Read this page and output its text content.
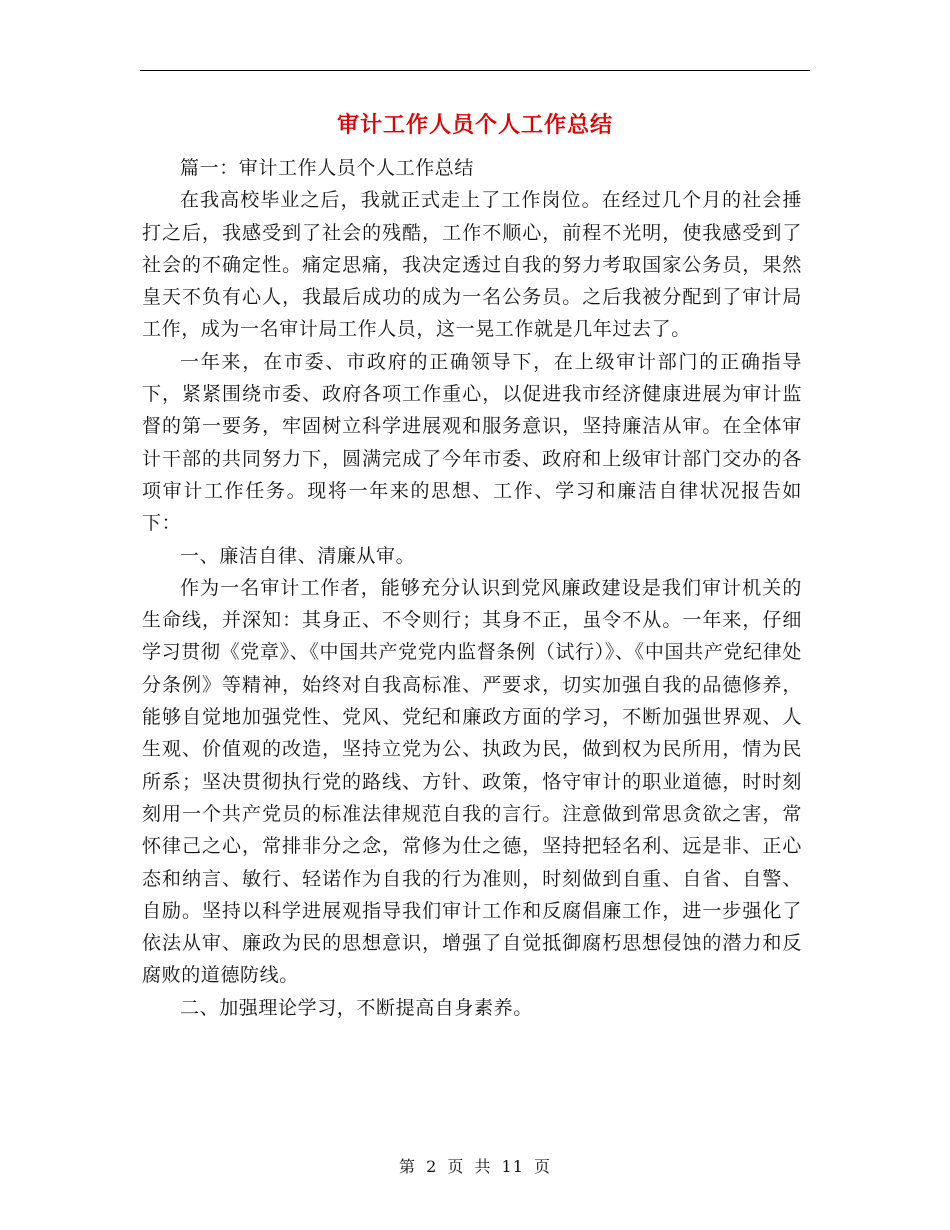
审计工作人员个人工作总结

篇一：审计工作人员个人工作总结

在我高校毕业之后，我就正式走上了工作岗位。在经过几个月的社会捶打之后，我感受到了社会的残酷，工作不顺心，前程不光明，使我感受到了社会的不确定性。痛定思痛，我决定透过自我的努力考取国家公务员，果然皇天不负有心人，我最后成功的成为一名公务员。之后我被分配到了审计局工作，成为一名审计局工作人员，这一晃工作就是几年过去了。

一年来，在市委、市政府的正确领导下，在上级审计部门的正确指导下，紧紧围绕市委、政府各项工作重心，以促进我市经济健康进展为审计监督的第一要务，牢固树立科学进展观和服务意识，坚持廉洁从审。在全体审计干部的共同努力下，圆满完成了今年市委、政府和上级审计部门交办的各项审计工作任务。现将一年来的思想、工作、学习和廉洁自律状况报告如下：

一、廉洁自律、清廉从审。

作为一名审计工作者，能够充分认识到党风廉政建设是我们审计机关的生命线，并深知：其身正、不令则行；其身不正，虽令不从。一年来，仔细学习贯彻《党章》、《中国共产党党内监督条例（试行）》、《中国共产党纪律处分条例》等精神，始终对自我高标准、严要求，切实加强自我的品德修养，能够自觉地加强党性、党风、党纪和廉政方面的学习，不断加强世界观、人生观、价值观的改造，坚持立党为公、执政为民，做到权为民所用，情为民所系；坚决贯彻执行党的路线、方针、政策，恪守审计的职业道德，时时刻刻用一个共产党员的标准法律规范自我的言行。注意做到常思贪欲之害，常怀律己之心，常排非分之念，常修为仕之德，坚持把轻名利、远是非、正心态和纳言、敏行、轻诺作为自我的行为准则，时刻做到自重、自省、自警、自励。坚持以科学进展观指导我们审计工作和反腐倡廉工作，进一步强化了依法从审、廉政为民的思想意识，增强了自觉抵御腐朽思想侵蚀的潜力和反腐败的道德防线。

二、加强理论学习，不断提高自身素养。

第 2 页 共 11 页
